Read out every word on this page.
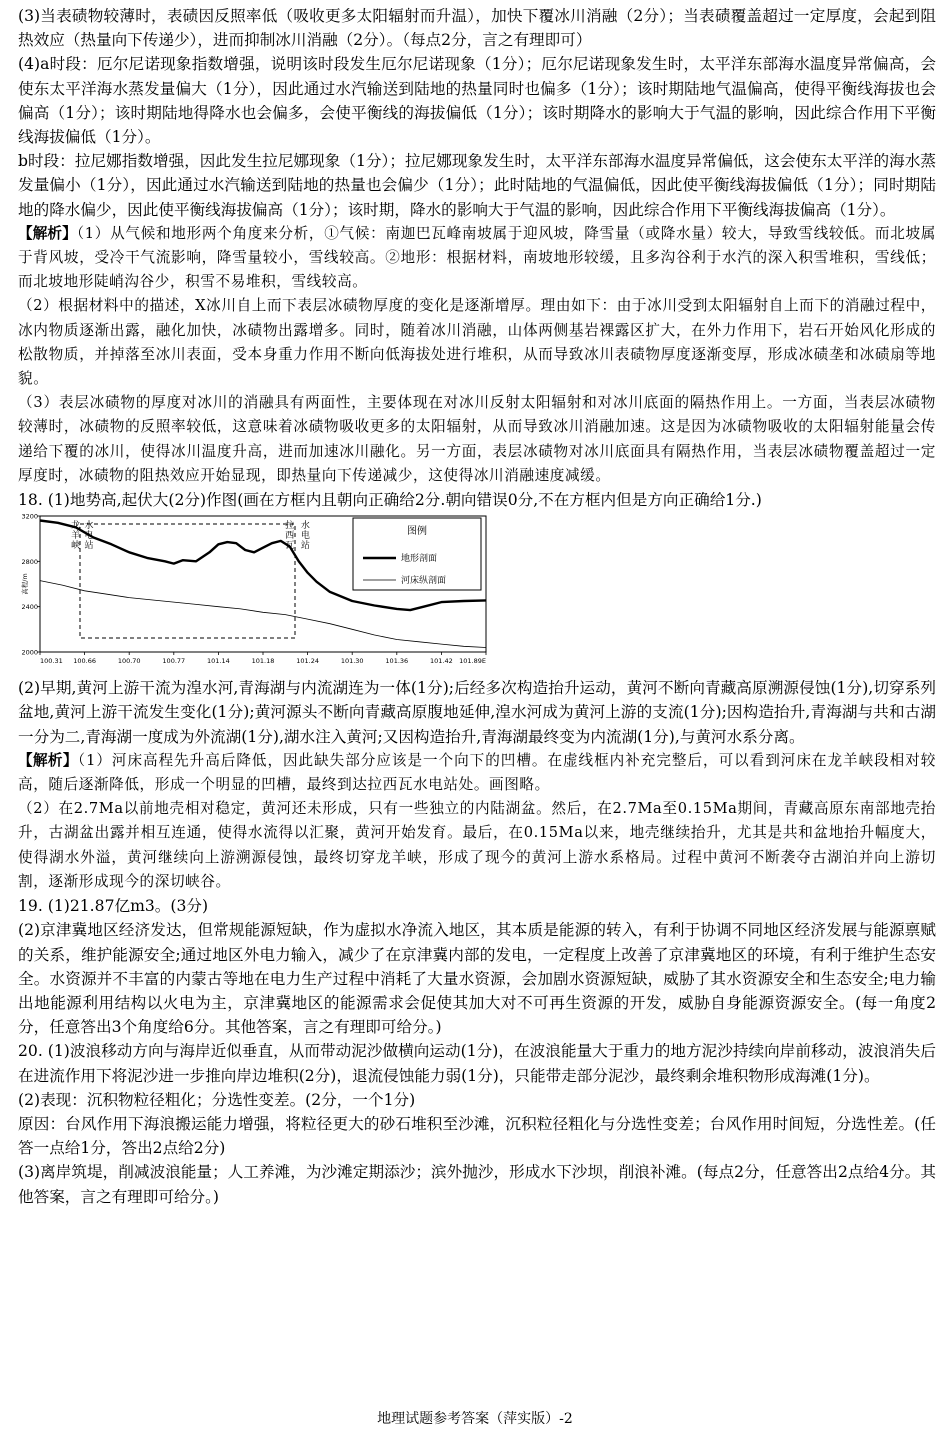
(3)当表碛物较薄时，表碛因反照率低（吸收更多太阳辐射而升温），加快下覆冰川消融（2分）；当表碛覆盖超过一定厚度，会起到阻热效应（热量向下传递少），进而抑制冰川消融（2分）。（每点2分，言之有理即可）

(4)a时段：厄尔尼诺现象指数增强，说明该时段发生厄尔尼诺现象（1分）；厄尔尼诺现象发生时，太平洋东部海水温度异常偏高，会使东太平洋海水蒸发量偏大（1分），因此通过水汽输送到陆地的热量同时也偏多（1分）；该时期陆地气温偏高，使得平衡线海拔也会偏高（1分）；该时期陆地得降水也会偏多，会使平衡线的海拔偏低（1分）；该时期降水的影响大于气温的影响，因此综合作用下平衡线海拔偏低（1分）。

b时段：拉尼娜指数增强，因此发生拉尼娜现象（1分）；拉尼娜现象发生时，太平洋东部海水温度异常偏低，这会使东太平洋的海水蒸发量偏小（1分），因此通过水汽输送到陆地的热量也会偏少（1分）；此时陆地的气温偏低，因此使平衡线海拔偏低（1分）；同时期陆地的降水偏少，因此使平衡线海拔偏高（1分）；该时期，降水的影响大于气温的影响，因此综合作用下平衡线海拔偏高（1分）。

【解析】（1）从气候和地形两个角度来分析，①气候：南迦巴瓦峰南坡属于迎风坡，降雪量（或降水量）较大，导致雪线较低。而北坡属于背风坡，受冷干气流影响，降雪量较小，雪线较高。②地形：根据材料，南坡地形较缓，且多沟谷利于水汽的深入积雪堆积，雪线低；而北坡地形陡峭沟谷少，积雪不易堆积，雪线较高。

（2）根据材料中的描述，X冰川自上而下表层冰碛物厚度的变化是逐渐增厚。理由如下：由于冰川受到太阳辐射自上而下的消融过程中，冰内物质逐渐出露，融化加快，冰碛物出露增多。同时，随着冰川消融，山体两侧基岩裸露区扩大，在外力作用下，岩石开始风化形成的松散物质，并掉落至冰川表面，受本身重力作用不断向低海拔处进行堆积，从而导致冰川表碛物厚度逐渐变厚，形成冰碛垄和冰碛扇等地貌。

（3）表层冰碛物的厚度对冰川的消融具有两面性，主要体现在对冰川反射太阳辐射和对冰川底面的隔热作用上。一方面，当表层冰碛物较薄时，冰碛物的反照率较低，这意味着冰碛物吸收更多的太阳辐射，从而导致冰川消融加速。这是因为冰碛物吸收的太阳辐射能量会传递给下覆的冰川，使得冰川温度升高，进而加速冰川融化。另一方面，表层冰碛物对冰川底面具有隔热作用，当表层冰碛物覆盖超过一定厚度时，冰碛物的阻热效应开始显现，即热量向下传递减少，这使得冰川消融速度减缓。

18. (1)地势高,起伏大(2分)作图(画在方框内且朝向正确给2分.朝向错误0分,不在方框内但是方向正确给1分.)

图例
地形剖面
河床纵剖面
高程/m
2000
2400
2800
3200
100.31 100.66	100.70	100.77	101.14	101.18	101.24	101.30	101.36	101.42 101.89E
龙
羊
峡
水
电
站
拉
西
瓦
水
电
站

(2)早期,黄河上游干流为湟水河,青海湖与内流湖连为一体(1分);后经多次构造抬升运动，黄河不断向青藏高原溯源侵蚀(1分),切穿系列盆地,黄河上游干流发生变化(1分);黄河源头不断向青藏高原腹地延伸,湟水河成为黄河上游的支流(1分);因构造抬升,青海湖与共和古湖一分为二,青海湖一度成为外流湖(1分),湖水注入黄河;又因构造抬升,青海湖最终变为内流湖(1分),与黄河水系分离。

【解析】（1）河床高程先升高后降低，因此缺失部分应该是一个向下的凹槽。在虚线框内补充完整后，可以看到河床在龙羊峡段相对较高，随后逐渐降低，形成一个明显的凹槽，最终到达拉西瓦水电站处。画图略。

（2）在2.7Ma以前地壳相对稳定，黄河还未形成，只有一些独立的内陆湖盆。然后，在2.7Ma至0.15Ma期间，青藏高原东南部地壳抬升，古湖盆出露并相互连通，使得水流得以汇聚，黄河开始发育。最后，在0.15Ma以来，地壳继续抬升，尤其是共和盆地抬升幅度大，使得湖水外溢，黄河继续向上游溯源侵蚀，最终切穿龙羊峡，形成了现今的黄河上游水系格局。过程中黄河不断袭夺古湖泊并向上游切割，逐渐形成现今的深切峡谷。

19. (1)21.87亿m3。(3分)

(2)京津冀地区经济发达，但常规能源短缺，作为虚拟水净流入地区，其本质是能源的转入，有利于协调不同地区经济发展与能源禀赋的关系，维护能源安全;通过地区外电力输入，减少了在京津冀内部的发电，一定程度上改善了京津冀地区的环境，有利于维护生态安全。水资源并不丰富的内蒙古等地在电力生产过程中消耗了大量水资源，会加剧水资源短缺，威胁了其水资源安全和生态安全;电力输出地能源利用结构以火电为主，京津冀地区的能源需求会促使其加大对不可再生资源的开发，威胁自身能源资源安全。(每一角度2分，任意答出3个角度给6分。其他答案，言之有理即可给分。)

20. (1)波浪移动方向与海岸近似垂直，从而带动泥沙做横向运动(1分)，在波浪能量大于重力的地方泥沙持续向岸前移动，波浪消失后在进流作用下将泥沙进一步推向岸边堆积(2分)，退流侵蚀能力弱(1分)，只能带走部分泥沙，最终剩余堆积物形成海滩(1分)。

(2)表现：沉积物粒径粗化；分选性变差。(2分，一个1分)

原因：台风作用下海浪搬运能力增强，将粒径更大的砂石堆积至沙滩，沉积粒径粗化与分选性变差；台风作用时间短，分选性差。(任答一点给1分，答出2点给2分)

(3)离岸筑堤，削减波浪能量；人工养滩，为沙滩定期添沙；滨外抛沙，形成水下沙坝，削浪补滩。(每点2分，任意答出2点给4分。其他答案，言之有理即可给分。)

地理试题参考答案（萍实版）-2
